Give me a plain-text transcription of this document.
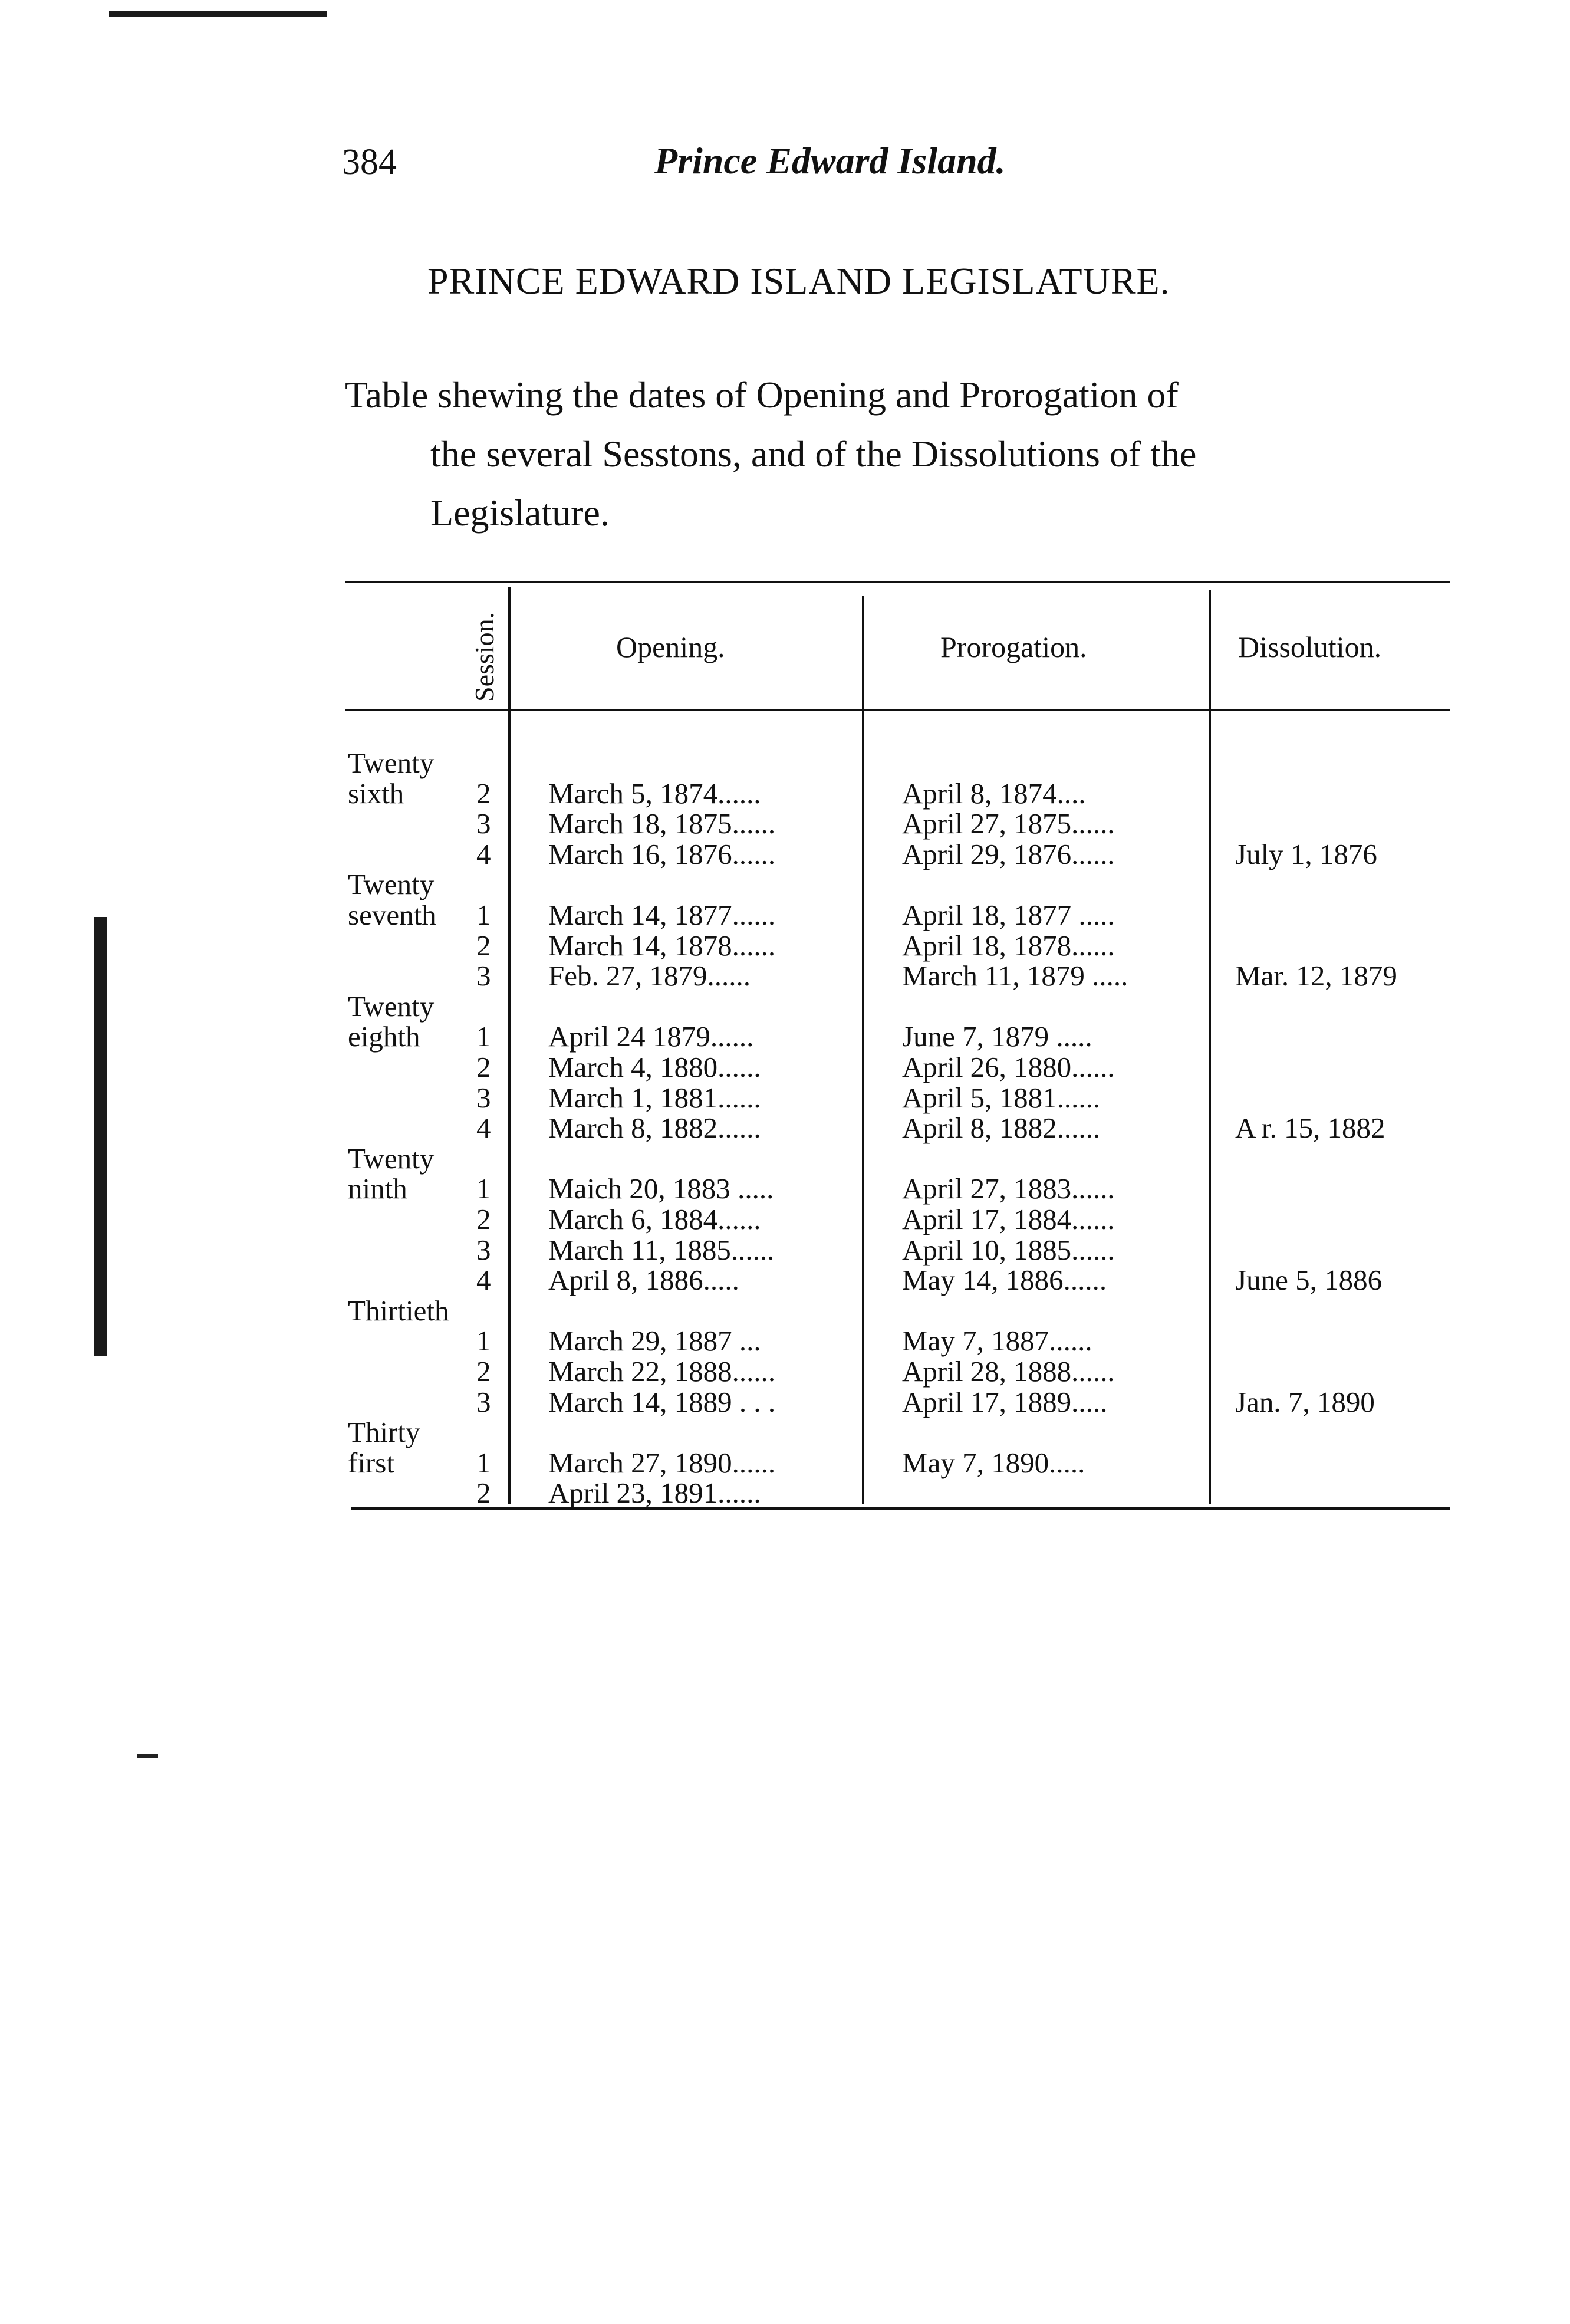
384	Prince Edward Island.
PRINCE EDWARD ISLAND LEGISLATURE.
Table shewing the dates of Opening and Prorogation of
the several Sesstons, and of the Dissolutions of the
Legislature.
Session.	Opening.	Prorogation.	Dissolution.
Twenty
sixth	2 March 5, 1874......	April 8, 1874....
3 March 18, 1875......	April 27, 1875......
4 March 16, 1876......	April 29, 1876......	July 1, 1876
Twenty
seventh 1 March 14, 1877......	April 18, 1877 .....
2 March 14, 1878......	April 18, 1878......
3 Feb. 27, 1879......	March 11, 1879 .....	Mar. 12, 1879
Twenty
eighth 1 April 24 1879......	June 7, 1879 .....
2 March 4, 1880......	April 26, 1880......
3 March 1, 1881......	April 5, 1881......
4 March 8, 1882......	April 8, 1882......	A r. 15, 1882
Twenty
ninth 1 Maich 20, 1883 .....	April 27, 1883......
2 March 6, 1884......	April 17, 1884......
3 March 11, 1885......	April 10, 1885......
4 April 8, 1886.....	May 14, 1886......	June 5, 1886
Thirtieth
1 March 29, 1887 ...	May 7, 1887......
2 March 22, 1888......	April 28, 1888......
3 March 14, 1889 . . .	April 17, 1889.....	Jan. 7, 1890
Thirty
first	1 March 27, 1890......	May 7, 1890.....
2 April 23, 1891......
